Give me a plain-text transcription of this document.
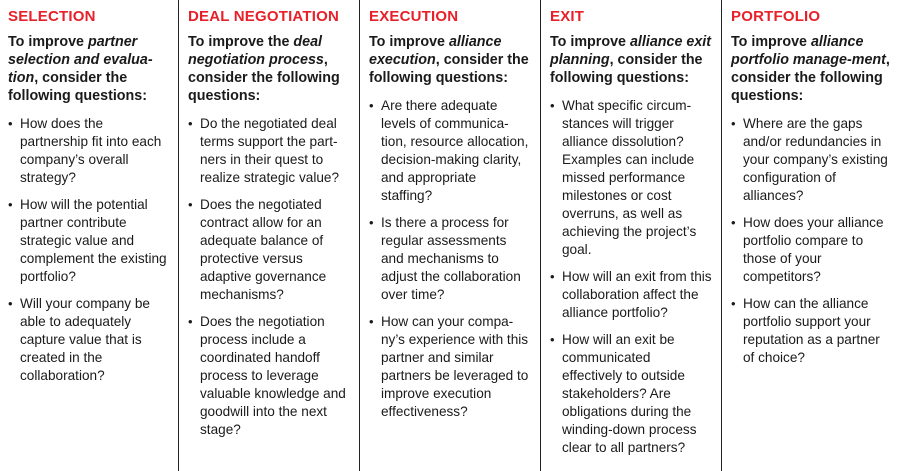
SELECTION
To improve partner selection and evalua-tion, consider the following questions:
• How does the partnership fit into each company’s overall strategy?
• How will the potential partner contribute strategic value and complement the existing portfolio?
• Will your company be able to adequately capture value that is created in the collaboration?
DEAL NEGOTIATION
To improve the deal negotiation process, consider the following questions:
• Do the negotiated deal terms support the part-ners in their quest to realize strategic value?
• Does the negotiated contract allow for an adequate balance of protective versus adaptive governance mechanisms?
• Does the negotiation process include a coordinated handoff process to leverage valuable knowledge and goodwill into the next stage?
EXECUTION
To improve alliance execution, consider the following questions:
• Are there adequate levels of communica-tion, resource allocation, decision-making clarity, and appropriate staffing?
• Is there a process for regular assessments and mechanisms to adjust the collaboration over time?
• How can your compa-ny’s experience with this partner and similar partners be leveraged to improve execution effectiveness?
EXIT
To improve alliance exit planning, consider the following questions:
• What specific circum-stances will trigger alliance dissolution? Examples can include missed performance milestones or cost overruns, as well as achieving the project’s goal.
• How will an exit from this collaboration affect the alliance portfolio?
• How will an exit be communicated effectively to outside stakeholders? Are obligations during the winding-down process clear to all partners?
PORTFOLIO
To improve alliance portfolio manage-ment, consider the following questions:
• Where are the gaps and/or redundancies in your company’s existing configuration of alliances?
• How does your alliance portfolio compare to those of your competitors?
• How can the alliance portfolio support your reputation as a partner of choice?
